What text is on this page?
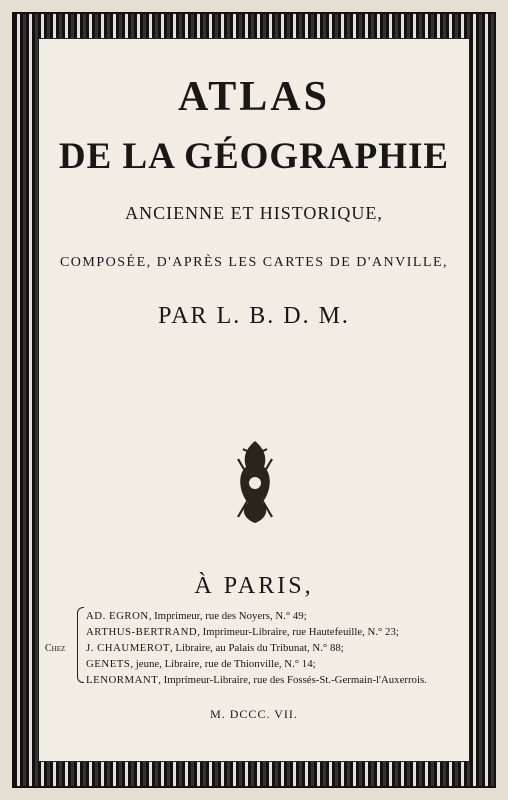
ATLAS
DE LA GÉOGRAPHIE
ANCIENNE ET HISTORIQUE,
COMPOSÉE, D'APRÈS LES CARTES DE D'ANVILLE,
PAR L. B. D. M.
À PARIS,
Chez
AD. EGRON, Imprimeur, rue des Noyers, N.° 49;
ARTHUS-BERTRAND, Imprimeur-Libraire, rue Hautefeuille, N.° 23;
J. CHAUMEROT, Libraire, au Palais du Tribunat, N.° 88;
GENETS, jeune, Libraire, rue de Thionville, N.° 14;
LENORMANT, Imprimeur-Libraire, rue des Fossés-St.-Germain-l'Auxerrois.
M. DCCC. VII.
